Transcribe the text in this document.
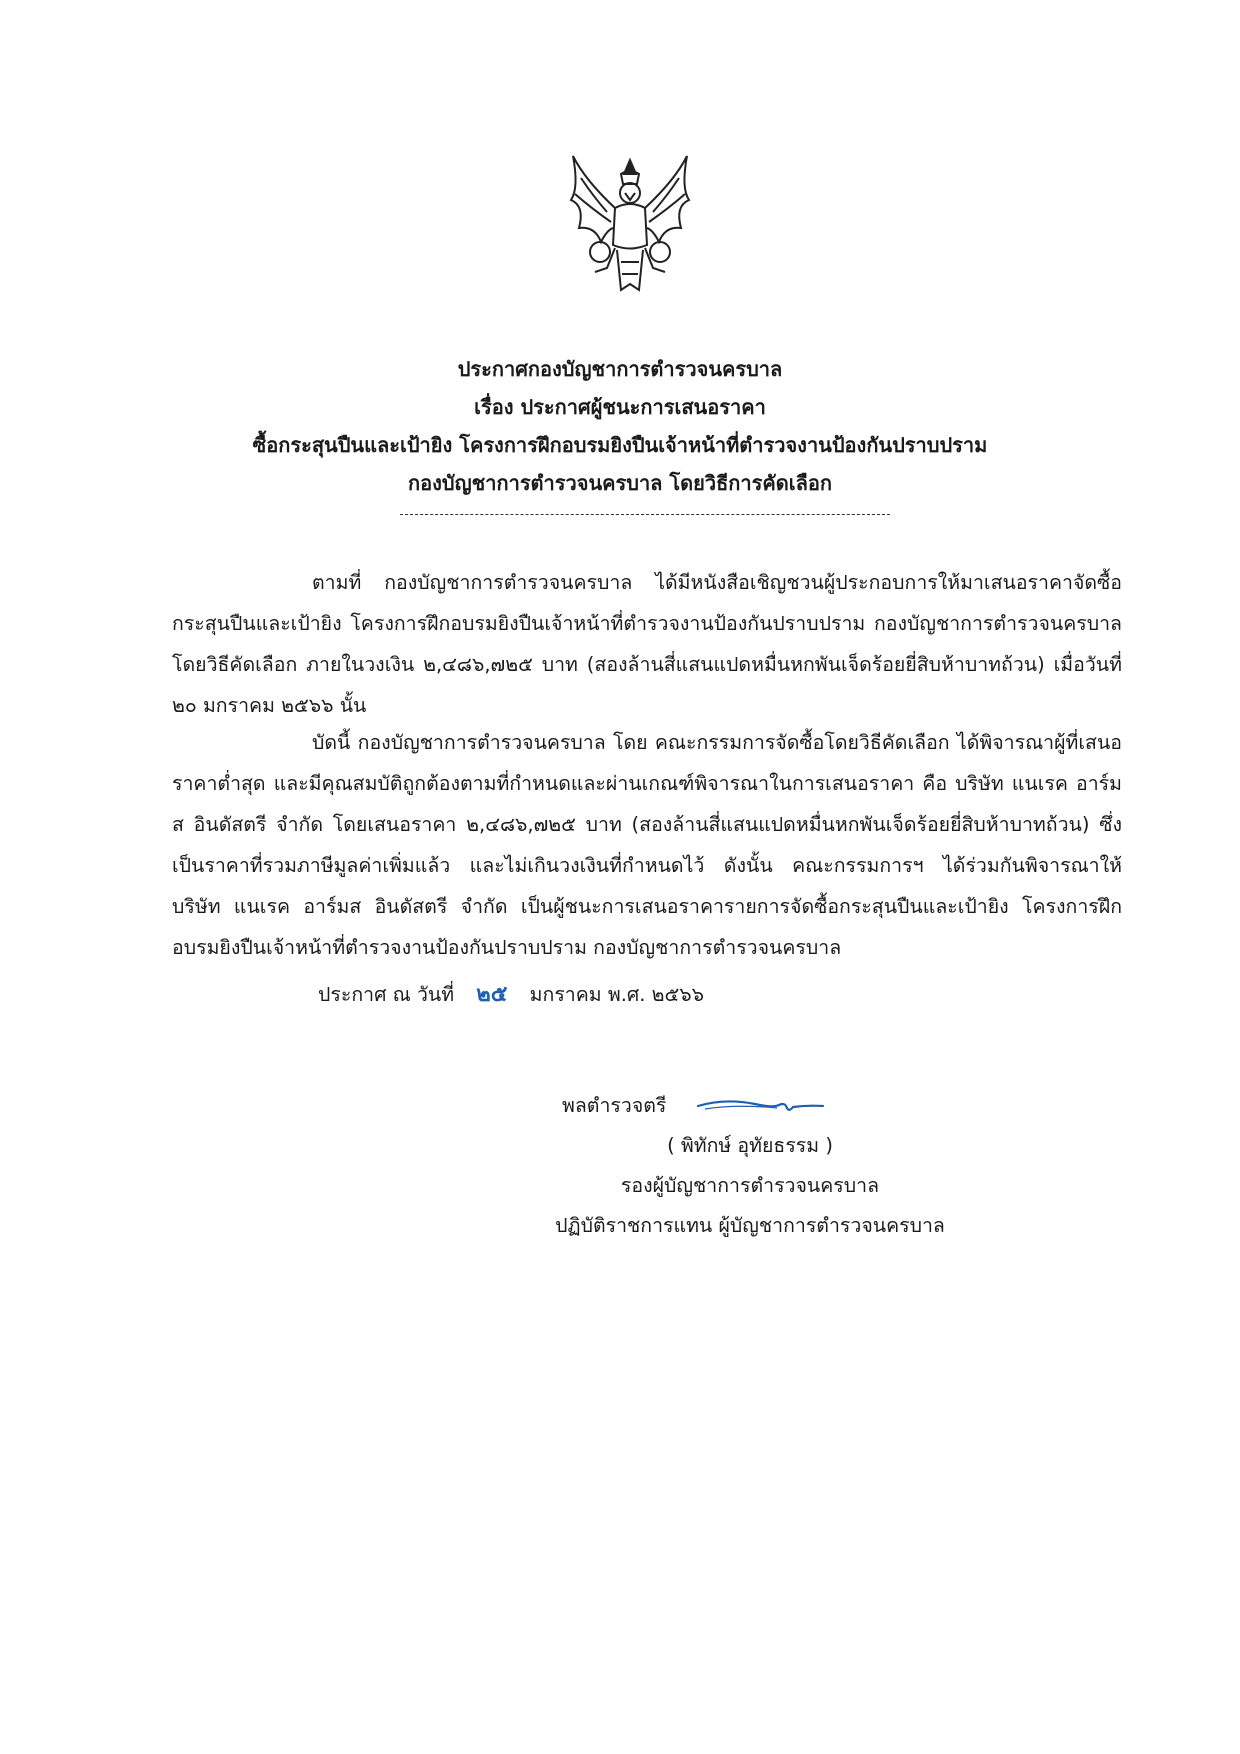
ประกาศกองบัญชาการตำรวจนครบาล

เรื่อง ประกาศผู้ชนะการเสนอราคา

ซื้อกระสุนปืนและเป้ายิง โครงการฝึกอบรมยิงปืนเจ้าหน้าที่ตำรวจงานป้องกันปราบปราม

กองบัญชาการตำรวจนครบาล โดยวิธีการคัดเลือก

ตามที่ กองบัญชาการตำรวจนครบาล ได้มีหนังสือเชิญชวนผู้ประกอบการให้มาเสนอราคาจัดซื้อกระสุนปืนและเป้ายิง โครงการฝึกอบรมยิงปืนเจ้าหน้าที่ตำรวจงานป้องกันปราบปราม กองบัญชาการตำรวจนครบาล โดยวิธีคัดเลือก ภายในวงเงิน ๒,๔๘๖,๗๒๕ บาท (สองล้านสี่แสนแปดหมื่นหกพันเจ็ดร้อยยี่สิบห้าบาทถ้วน) เมื่อวันที่ ๒๐ มกราคม ๒๕๖๖ นั้น

บัดนี้ กองบัญชาการตำรวจนครบาล โดย คณะกรรมการจัดซื้อโดยวิธีคัดเลือก ได้พิจารณาผู้ที่เสนอราคาต่ำสุด และมีคุณสมบัติถูกต้องตามที่กำหนดและผ่านเกณฑ์พิจารณาในการเสนอราคา คือ บริษัท แนเรค อาร์มส อินดัสตรี จำกัด โดยเสนอราคา ๒,๔๘๖,๗๒๕ บาท (สองล้านสี่แสนแปดหมื่นหกพันเจ็ดร้อยยี่สิบห้าบาทถ้วน) ซึ่งเป็นราคาที่รวมภาษีมูลค่าเพิ่มแล้ว และไม่เกินวงเงินที่กำหนดไว้ ดังนั้น คณะกรรมการฯ ได้ร่วมกันพิจารณาให้ บริษัท แนเรค อาร์มส อินดัสตรี จำกัด เป็นผู้ชนะการเสนอราคารายการจัดซื้อกระสุนปืนและเป้ายิง โครงการฝึกอบรมยิงปืนเจ้าหน้าที่ตำรวจงานป้องกันปราบปราม กองบัญชาการตำรวจนครบาล

ประกาศ ณ วันที่ ๒๕ มกราคม พ.ศ. ๒๕๖๖
พลตำรวจตรี
( พิทักษ์ อุทัยธรรม )
รองผู้บัญชาการตำรวจนครบาล
ปฏิบัติราชการแทน ผู้บัญชาการตำรวจนครบาล
